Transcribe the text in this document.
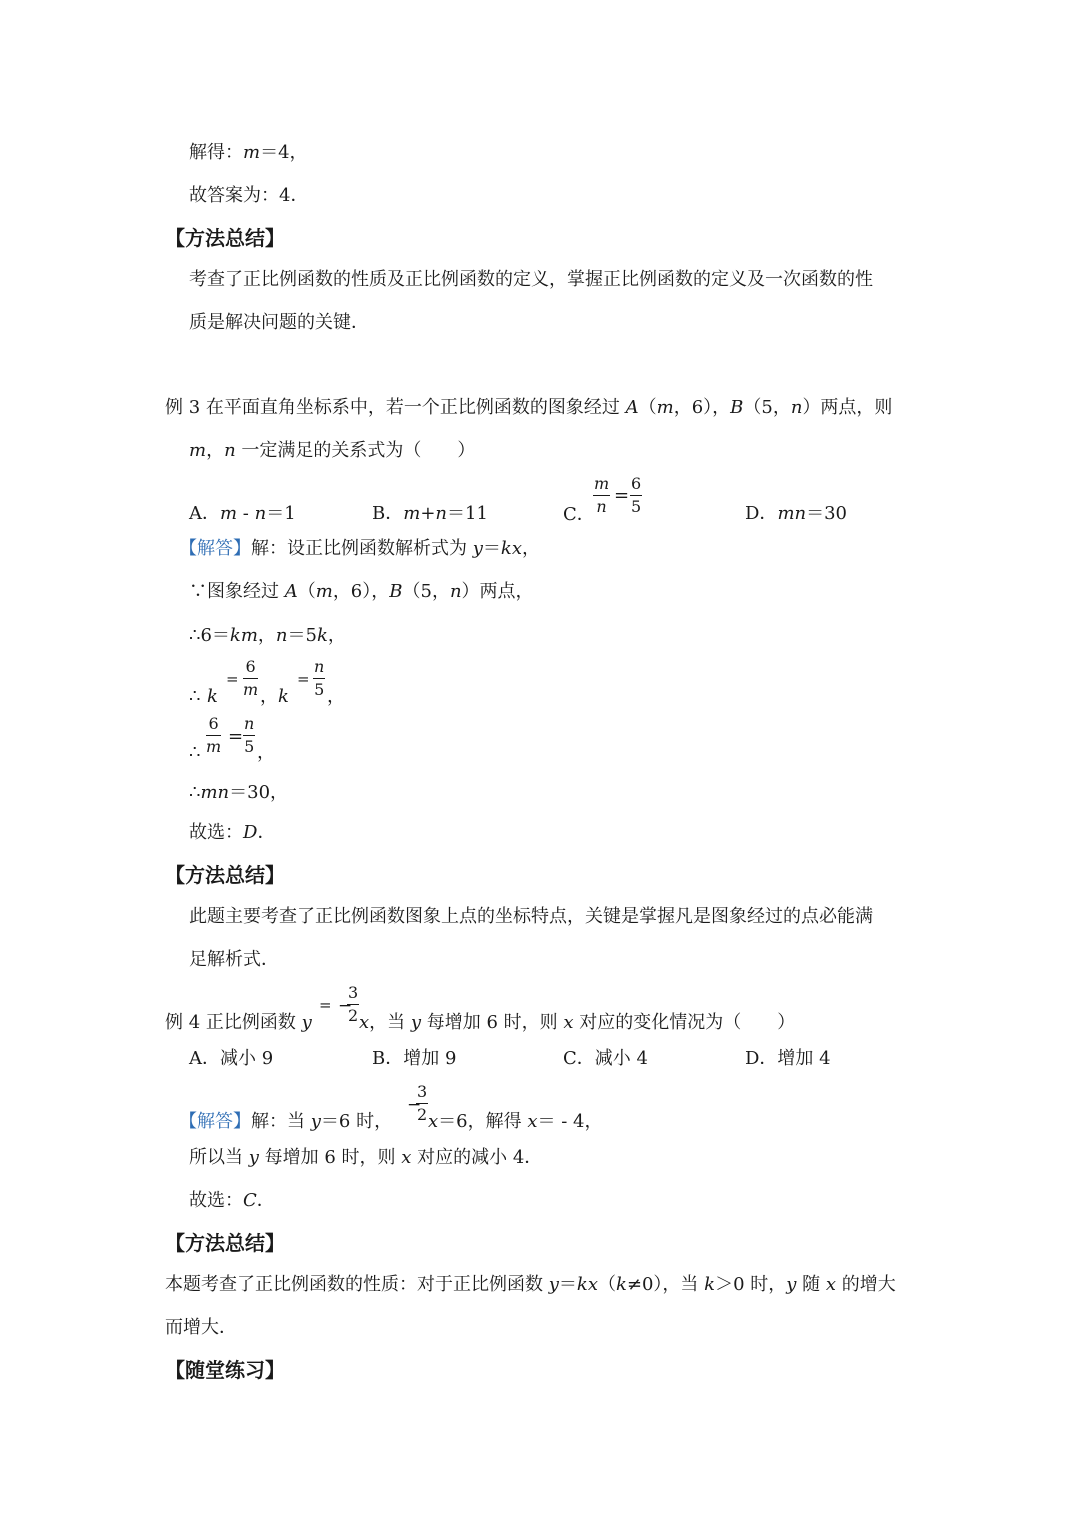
解得：m＝4，
故答案为：4．
【方法总结】
考查了正比例函数的性质及正比例函数的定义，掌握正比例函数的定义及一次函数的性
质是解决问题的关键．
例 3 在平面直角坐标系中，若一个正比例函数的图象经过 A（m，6），B（5，n）两点，则
m，n 一定满足的关系式为（　　）
A．m - n＝1	B．m+n＝11	C．
$\frac{m}{n} = \frac{6}{5}$	D．mn＝30
【解答】解：设正比例函数解析式为 y＝kx，
∵图象经过 A（m，6），B（5，n）两点，
∴6＝km，n＝5k，
∴ k
= $\frac{6}{m}$ ， k
= $\frac{n}{5}$ ，
∴ $\frac{6}{m} = \frac{n}{5}$ ，
∴mn＝30，
故选：D．
【方法总结】
此题主要考查了正比例函数图象上点的坐标特点，关键是掌握凡是图象经过的点必能满
足解析式．
例 4 正比例函数 y
= −
$\frac{3}{2}$ x，当 y 每增加 6 时，则 x 对应的变化情况为（　　）
A．减小 9	B．增加 9	C．减小 4	D．增加 4
【解答】解：当 y＝6 时，
−
$\frac{3}{2} x=6$，解得 x＝ - 4，
所以当 y 每增加 6 时，则 x 对应的减小 4．
故选：C．
【方法总结】
本题考查了正比例函数的性质：对于正比例函数 y＝kx（k≠0），当 k＞0 时，y 随 x 的增大
而增大．
【随堂练习】
